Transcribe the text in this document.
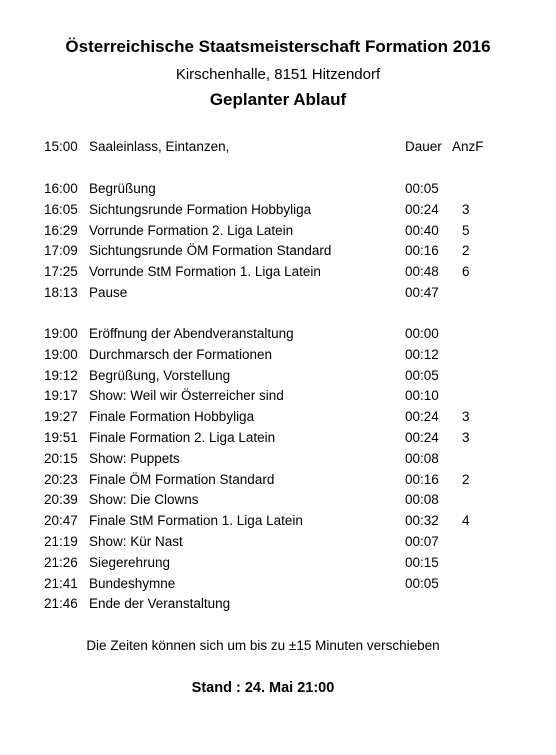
Österreichische Staatsmeisterschaft Formation 2016
Kirschenhalle, 8151 Hitzendorf
Geplanter Ablauf
15:00 Saaleinlass, Eintanzen,	Dauer AnzF
16:00 Begrüßung	00:05
16:05 Sichtungsrunde Formation Hobbyliga	00:24 3
16:29 Vorrunde Formation 2. Liga Latein	00:40 5
17:09 Sichtungsrunde ÖM Formation Standard	00:16 2
17:25 Vorrunde StM Formation 1. Liga Latein	00:48 6
18:13 Pause	00:47
19:00 Eröffnung der Abendveranstaltung	00:00
19:00 Durchmarsch der Formationen	00:12
19:12 Begrüßung, Vorstellung	00:05
19:17 Show: Weil wir Österreicher sind	00:10
19:27 Finale Formation Hobbyliga	00:24 3
19:51 Finale Formation 2. Liga Latein	00:24 3
20:15 Show: Puppets	00:08
20:23 Finale ÖM Formation Standard	00:16 2
20:39 Show: Die Clowns	00:08
20:47 Finale StM Formation 1. Liga Latein	00:32 4
21:19 Show: Kür Nast	00:07
21:26 Siegerehrung	00:15
21:41 Bundeshymne	00:05
21:46 Ende der Veranstaltung
Die Zeiten können sich um bis zu ±15 Minuten verschieben
Stand : 24. Mai 21:00
